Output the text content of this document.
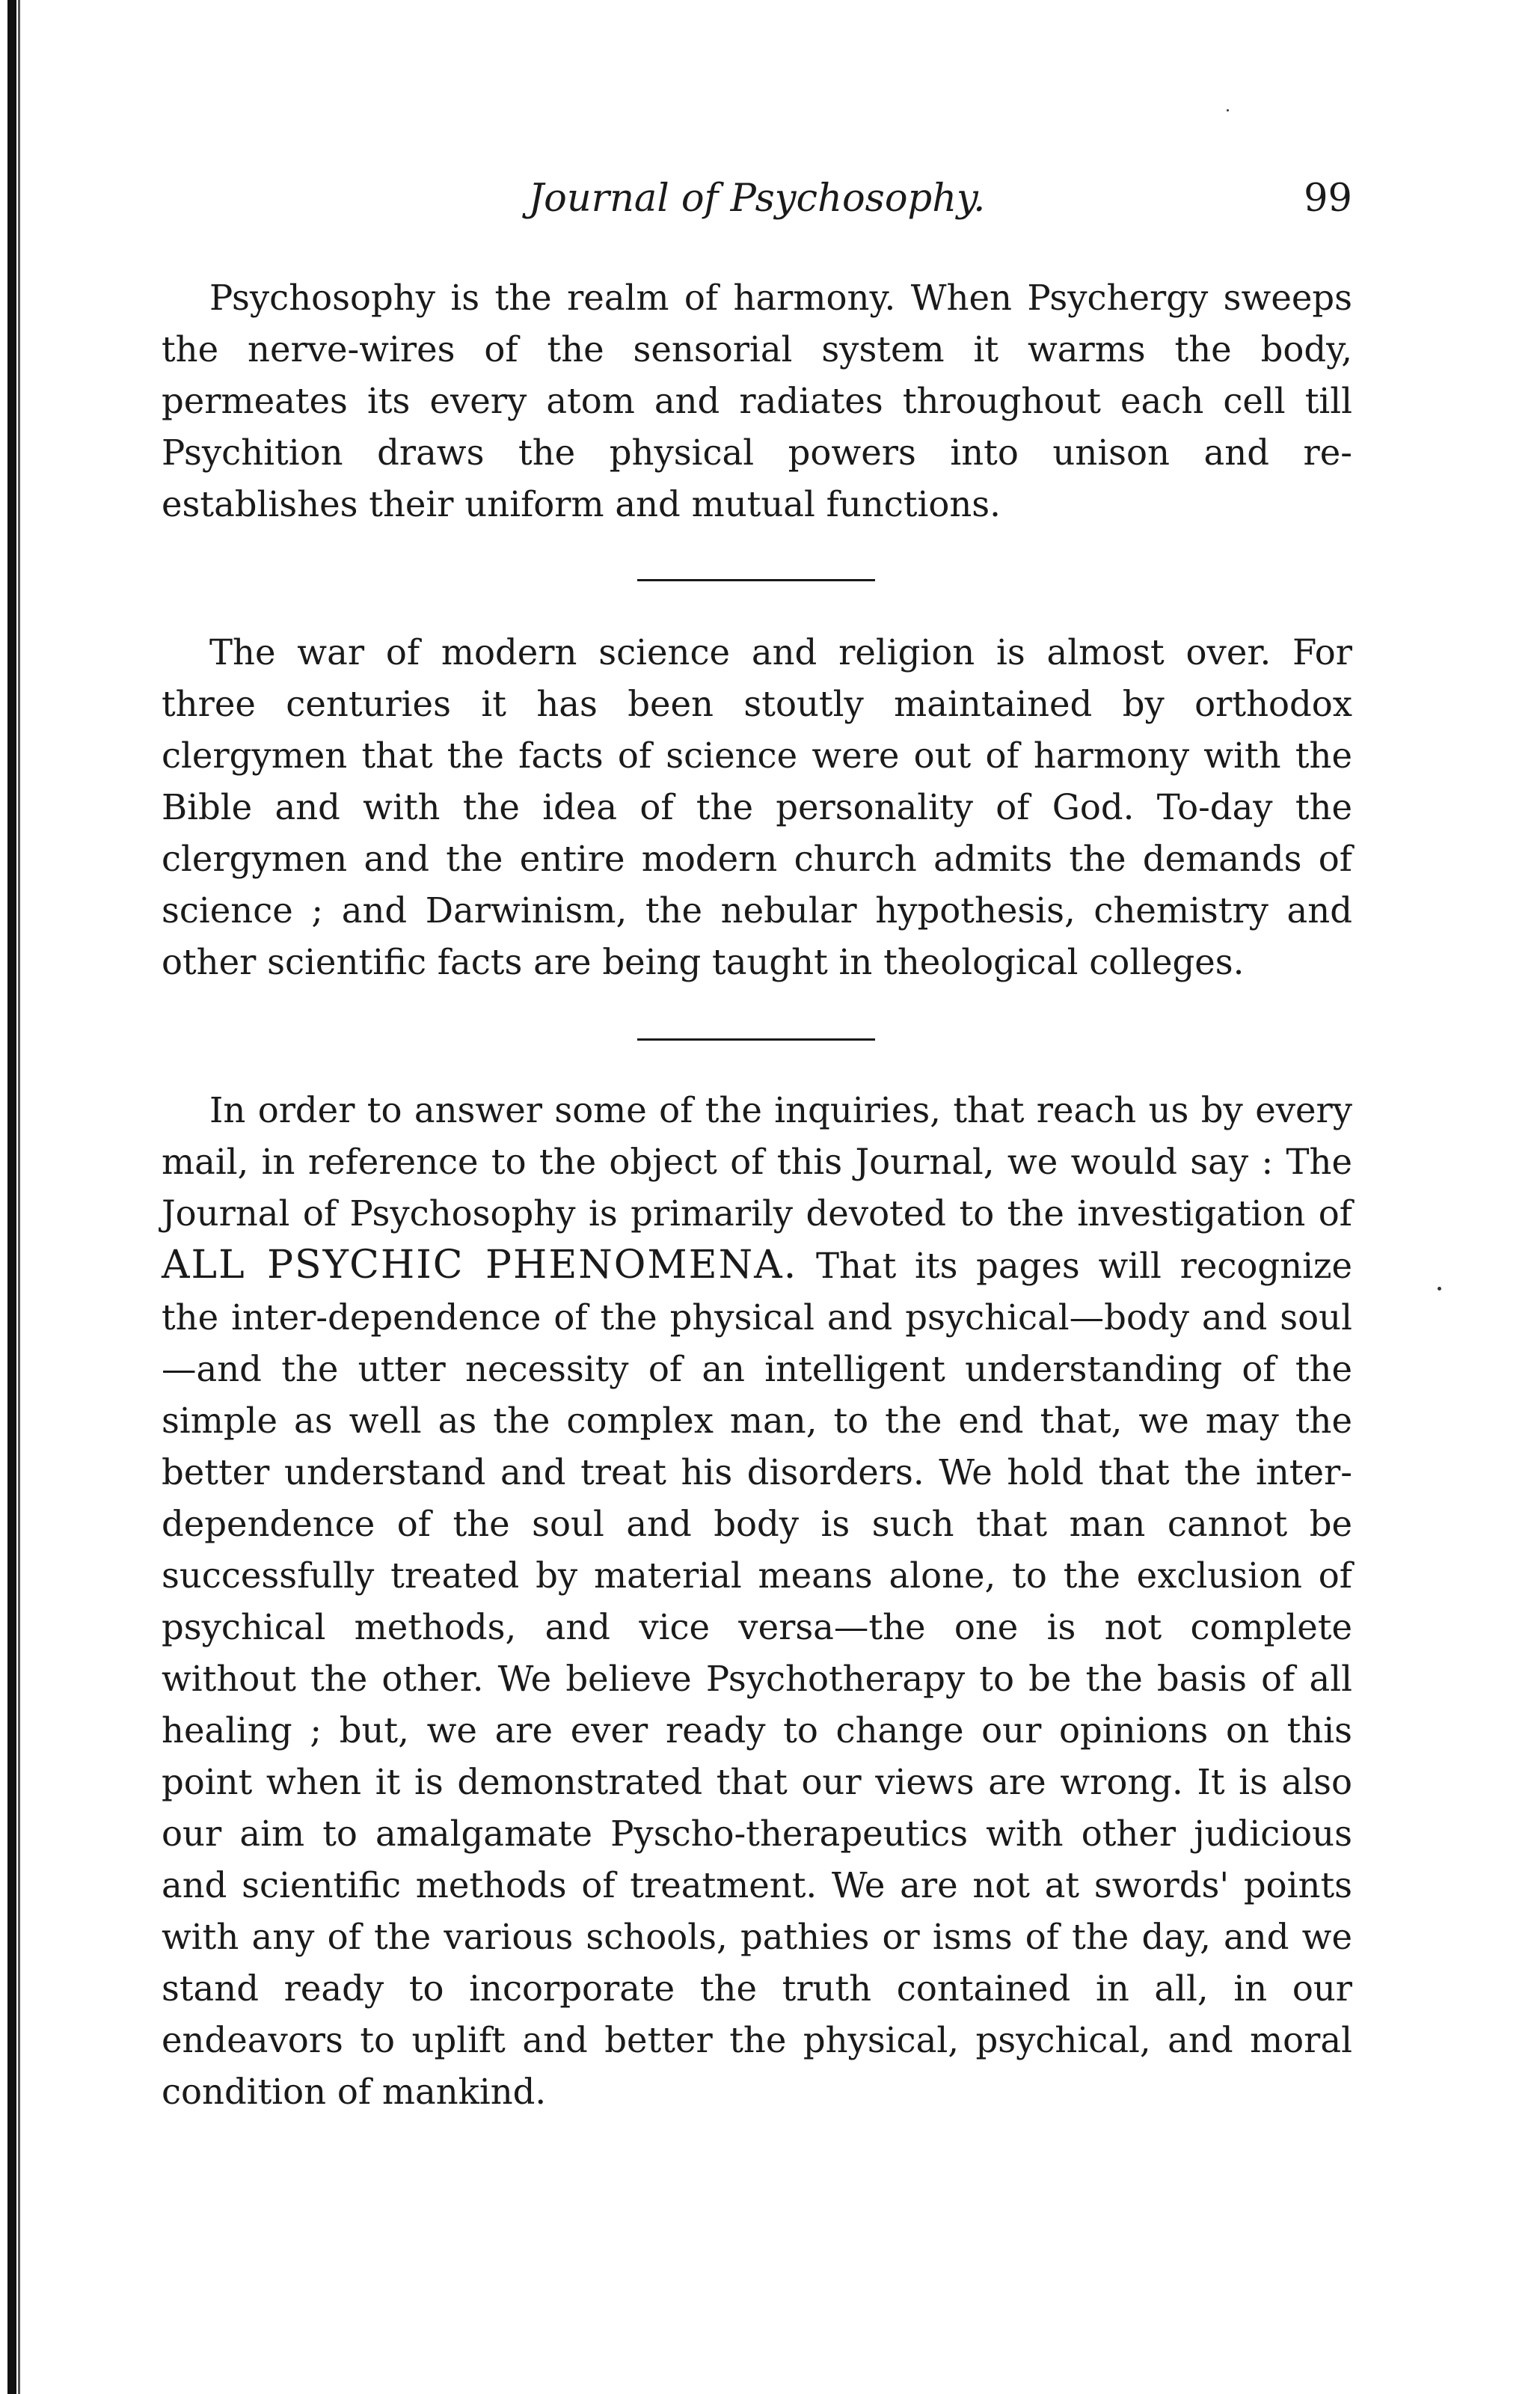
Journal of Psychosophy.	99

Psychosophy is the realm of harmony. When Psychergy sweeps the nerve-wires of the sensorial system it warms the body, permeates its every atom and radiates throughout each cell till Psychition draws the physical powers into unison and re-establishes their uniform and mutual functions.

The war of modern science and religion is almost over. For three centuries it has been stoutly maintained by orthodox clergymen that the facts of science were out of harmony with the Bible and with the idea of the personality of God. To-day the clergymen and the entire modern church admits the demands of science ; and Darwinism, the nebular hypothesis, chemistry and other scientific facts are being taught in theological colleges.

In order to answer some of the inquiries, that reach us by every mail, in reference to the object of this Journal, we would say : The Journal of Psychosophy is primarily devoted to the investigation of ALL PSYCHIC PHENOMENA. That its pages will recognize the inter-dependence of the physical and psychical—body and soul—and the utter necessity of an intelligent understanding of the simple as well as the complex man, to the end that, we may the better understand and treat his disorders. We hold that the inter-dependence of the soul and body is such that man cannot be successfully treated by material means alone, to the exclusion of psychical methods, and vice versa—the one is not complete without the other. We believe Psychotherapy to be the basis of all healing ; but, we are ever ready to change our opinions on this point when it is demonstrated that our views are wrong. It is also our aim to amalgamate Pyscho-therapeutics with other judicious and scientific methods of treatment. We are not at swords' points with any of the various schools, pathies or isms of the day, and we stand ready to incorporate the truth contained in all, in our endeavors to uplift and better the physical, psychical, and moral condition of mankind.
